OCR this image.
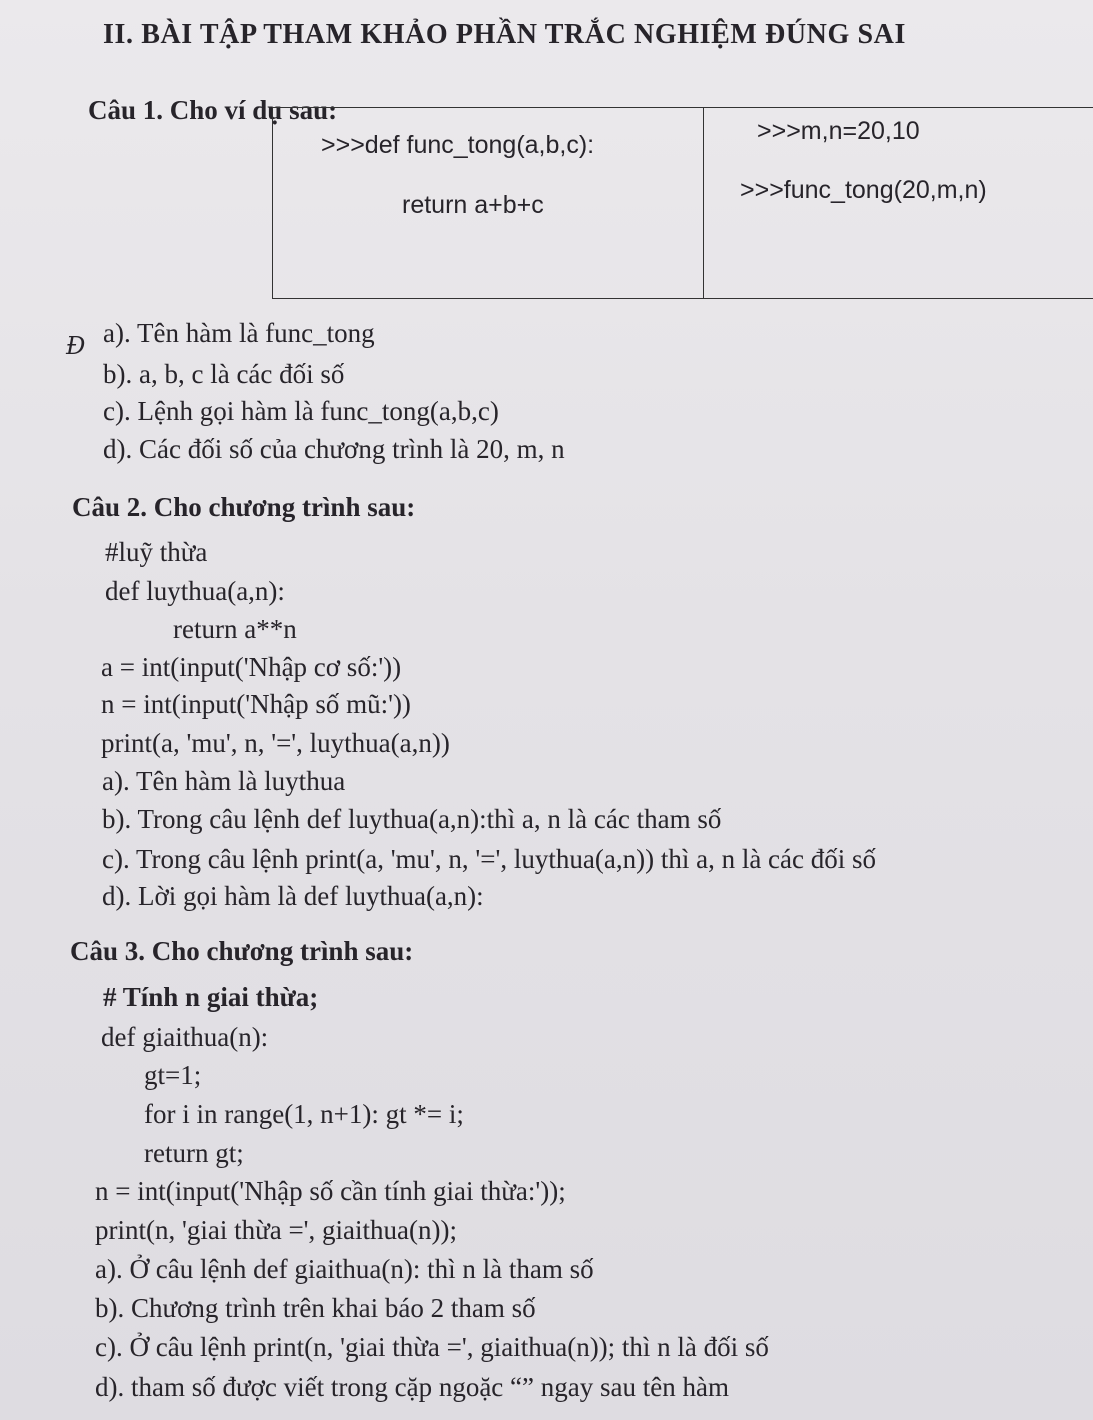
II. BÀI TẬP THAM KHẢO PHẦN TRẮC NGHIỆM ĐÚNG SAI
Câu 1. Cho ví dụ sau:
>>>def func_tong(a,b,c):
return a+b+c
>>>m,n=20,10
>>>func_tong(20,m,n)
Đ a). Tên hàm là func_tong
b). a, b, c là các đối số
c). Lệnh gọi hàm là func_tong(a,b,c)
d). Các đối số của chương trình là 20, m, n
Câu 2. Cho chương trình sau:
#luỹ thừa
def luythua(a,n):
return a**n
a = int(input('Nhập cơ số:'))
n = int(input('Nhập số mũ:'))
print(a, 'mu', n, '=', luythua(a,n))
a). Tên hàm là luythua
b). Trong câu lệnh def luythua(a,n):thì a, n là các tham số
c). Trong câu lệnh print(a, 'mu', n, '=', luythua(a,n)) thì a, n là các đối số
d). Lời gọi hàm là def luythua(a,n):
Câu 3. Cho chương trình sau:
# Tính n giai thừa;
def giaithua(n):
gt=1;
for i in range(1, n+1): gt *= i;
return gt;
n = int(input('Nhập số cần tính giai thừa:'));
print(n, 'giai thừa =', giaithua(n));
a). Ở câu lệnh def giaithua(n): thì n là tham số
b). Chương trình trên khai báo 2 tham số
c). Ở câu lệnh print(n, 'giai thừa =', giaithua(n)); thì n là đối số
d). tham số được viết trong cặp ngoặc “” ngay sau tên hàm
